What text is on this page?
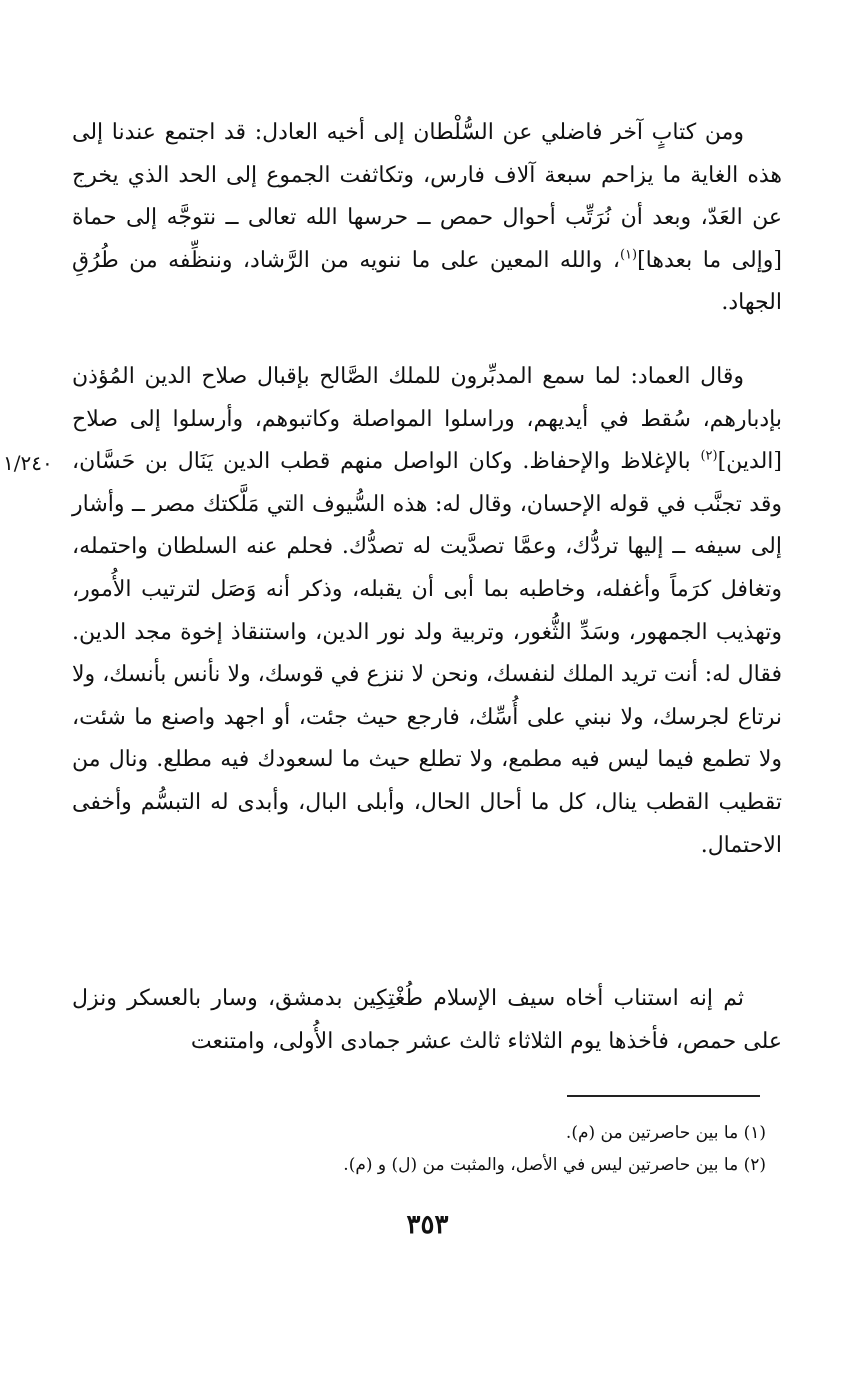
ومن كتابٍ آخر فاضلي عن السُّلْطان إلى أخيه العادل: قد اجتمع عندنا إلى هذه الغاية ما يزاحم سبعة آلاف فارس، وتكاثفت الجموع إلى الحد الذي يخرج عن العَدّ، وبعد أن نُرَتِّب أحوال حمص ــ حرسها الله تعالى ــ نتوجَّه إلى حماة [وإلى ما بعدها]$^{(١)}$، والله المعين على ما ننويه من الرَّشاد، وننظِّفه من طُرُقِ الجهاد.

وقال العماد: لما سمع المدبِّرون للملك الصَّالح بإقبال صلاح الدين المُؤذن بإدبارهم، سُقط في أيديهم، وراسلوا المواصلة وكاتبوهم، وأرسلوا إلى صلاح [الدين]$^{(٢)}$ بالإغلاظ والإحفاظ. وكان الواصل منهم قطب الدين يَنَال بن حَسَّان، وقد تجنَّب في قوله الإحسان، وقال له: هذه السُّيوف التي مَلَّكتك مصر ــ وأشار إلى سيفه ــ إليها تردُّك، وعمَّا تصدَّيت له تصدُّك. فحلم عنه السلطان واحتمله، وتغافل كرَماً وأغفله، وخاطبه بما أبى أن يقبله، وذكر أنه وَصَل لترتيب الأُمور، وتهذيب الجمهور، وسَدِّ الثُّغور، وتربية ولد نور الدين، واستنقاذ إخوة مجد الدين. فقال له: أنت تريد الملك لنفسك، ونحن لا ننزع في قوسك، ولا نأنس بأنسك، ولا نرتاع لجرسك، ولا نبني على أُسِّك، فارجع حيث جئت، أو اجهد واصنع ما شئت، ولا تطمع فيما ليس فيه مطمع، ولا تطلع حيث ما لسعودك فيه مطلع. ونال من تقطيب القطب ينال، كل ما أحال الحال، وأبلى البال، وأبدى له التبسُّم وأخفى الاحتمال.

١/٢٤٠

ثم إنه استناب أخاه سيف الإسلام طُغْتِكِين بدمشق، وسار بالعسكر ونزل على حمص، فأخذها يوم الثلاثاء ثالث عشر جمادى الأُولى، وامتنعت

(١) ما بين حاصرتين من (م).

(٢) ما بين حاصرتين ليس في الأصل، والمثبت من (ل) و (م).

٣٥٣
